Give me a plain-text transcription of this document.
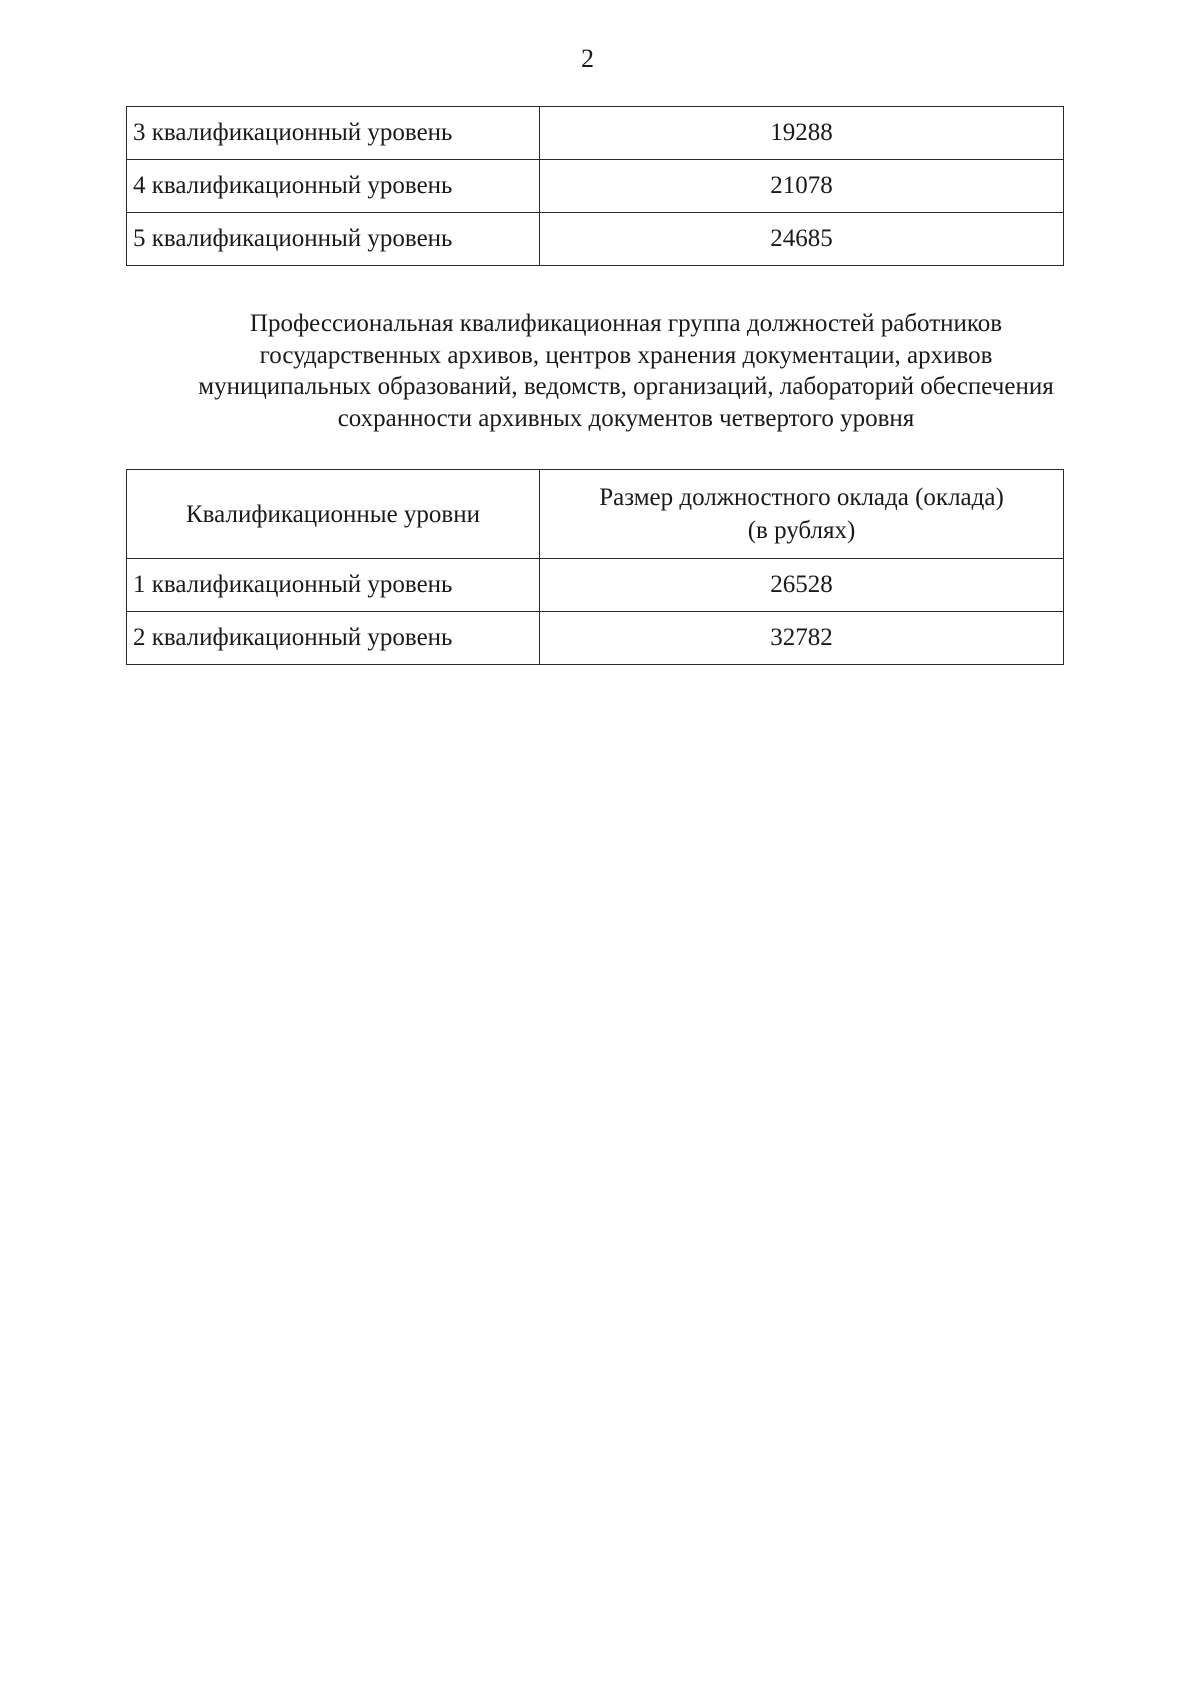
2
3 квалификационный уровень	19288
4 квалификационный уровень	21078
5 квалификационный уровень	24685
Профессиональная квалификационная группа должностей работников
государственных архивов, центров хранения документации, архивов
муниципальных образований, ведомств, организаций, лабораторий обеспечения
сохранности архивных документов четвертого уровня
Квалификационные уровни	Размер должностного оклада (оклада)
(в рублях)

1 квалификационный уровень	26528
2 квалификационный уровень	32782
